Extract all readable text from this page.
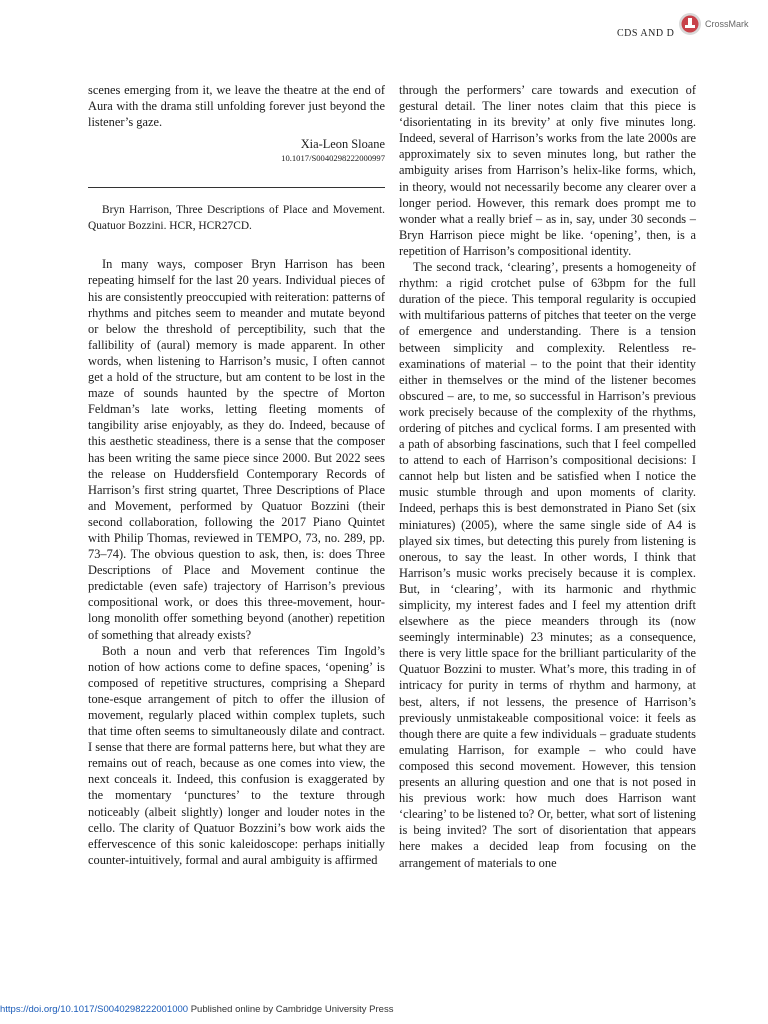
CDS AND D
CrossMark

scenes emerging from it, we leave the theatre at the end of Aura with the drama still unfolding forever just beyond the listener’s gaze.

Xia-Leon Sloane
10.1017/S0040298222000997

Bryn Harrison, Three Descriptions of Place and Movement. Quatuor Bozzini. HCR, HCR27CD.

In many ways, composer Bryn Harrison has been repeating himself for the last 20 years. Individual pieces of his are consistently preoccupied with reiteration: patterns of rhythms and pitches seem to meander and mutate beyond or below the threshold of perceptibility, such that the fallibility of (aural) memory is made apparent. In other words, when listening to Harrison’s music, I often cannot get a hold of the structure, but am content to be lost in the maze of sounds haunted by the spectre of Morton Feldman’s late works, letting fleeting moments of tangibility arise enjoyably, as they do. Indeed, because of this aesthetic steadiness, there is a sense that the composer has been writing the same piece since 2000. But 2022 sees the release on Huddersfield Contemporary Records of Harrison’s first string quartet, Three Descriptions of Place and Movement, performed by Quatuor Bozzini (their second collaboration, following the 2017 Piano Quintet with Philip Thomas, reviewed in TEMPO, 73, no. 289, pp. 73–74). The obvious question to ask, then, is: does Three Descriptions of Place and Movement continue the predictable (even safe) trajectory of Harrison’s previous compositional work, or does this three-movement, hour-long monolith offer something beyond (another) repetition of something that already exists?

Both a noun and verb that references Tim Ingold’s notion of how actions come to define spaces, ‘opening’ is composed of repetitive structures, comprising a Shepard tone-esque arrangement of pitch to offer the illusion of movement, regularly placed within complex tuplets, such that time often seems to simultaneously dilate and contract. I sense that there are formal patterns here, but what they are remains out of reach, because as one comes into view, the next conceals it. Indeed, this confusion is exaggerated by the momentary ‘punctures’ to the texture through noticeably (albeit slightly) longer and louder notes in the cello. The clarity of Quatuor Bozzini’s bow work aids the effervescence of this sonic kaleidoscope: perhaps initially counter-intuitively, formal and aural ambiguity is affirmed

through the performers’ care towards and execution of gestural detail. The liner notes claim that this piece is ‘disorientating in its brevity’ at only five minutes long. Indeed, several of Harrison’s works from the late 2000s are approximately six to seven minutes long, but rather the ambiguity arises from Harrison’s helix-like forms, which, in theory, would not necessarily become any clearer over a longer period. However, this remark does prompt me to wonder what a really brief – as in, say, under 30 seconds – Bryn Harrison piece might be like. ‘opening’, then, is a repetition of Harrison’s compositional identity.

The second track, ‘clearing’, presents a homogeneity of rhythm: a rigid crotchet pulse of 63bpm for the full duration of the piece. This temporal regularity is occupied with multifarious patterns of pitches that teeter on the verge of emergence and understanding. There is a tension between simplicity and complexity. Relentless re-examinations of material – to the point that their identity either in themselves or the mind of the listener becomes obscured – are, to me, so successful in Harrison’s previous work precisely because of the complexity of the rhythms, ordering of pitches and cyclical forms. I am presented with a path of absorbing fascinations, such that I feel compelled to attend to each of Harrison’s compositional decisions: I cannot help but listen and be satisfied when I notice the music stumble through and upon moments of clarity. Indeed, perhaps this is best demonstrated in Piano Set (six miniatures) (2005), where the same single side of A4 is played six times, but detecting this purely from listening is onerous, to say the least. In other words, I think that Harrison’s music works precisely because it is complex. But, in ‘clearing’, with its harmonic and rhythmic simplicity, my interest fades and I feel my attention drift elsewhere as the piece meanders through its (now seemingly interminable) 23 minutes; as a consequence, there is very little space for the brilliant particularity of the Quatuor Bozzini to muster. What’s more, this trading in of intricacy for purity in terms of rhythm and harmony, at best, alters, if not lessens, the presence of Harrison’s previously unmistakeable compositional voice: it feels as though there are quite a few individuals – graduate students emulating Harrison, for example – who could have composed this second movement. However, this tension presents an alluring question and one that is not posed in his previous work: how much does Harrison want ‘clearing’ to be listened to? Or, better, what sort of listening is being invited? The sort of disorientation that appears here makes a decided leap from focusing on the arrangement of materials to one

https://doi.org/10.1017/S0040298222001000 Published online by Cambridge University Press
